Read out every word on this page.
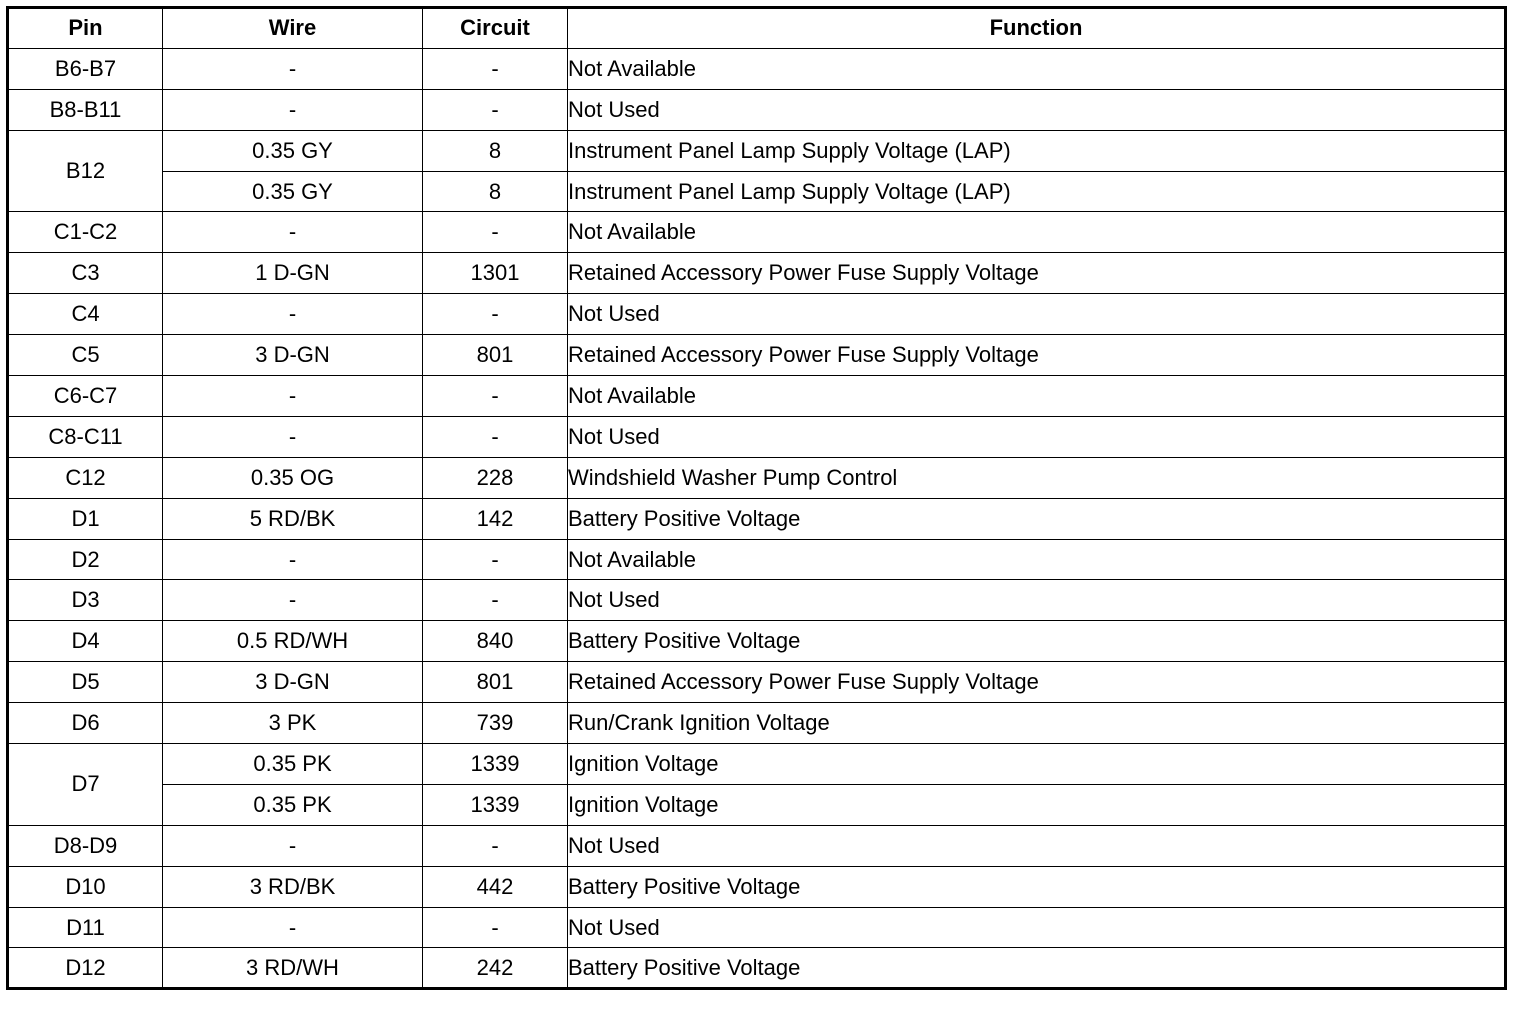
Pin	Wire	Circuit	Function
B6-B7	-	-	Not Available
B8-B11	-	-	Not Used
B12	0.35 GY	8	Instrument Panel Lamp Supply Voltage (LAP)
	0.35 GY	8	Instrument Panel Lamp Supply Voltage (LAP)
C1-C2	-	-	Not Available
C3	1 D-GN	1301	Retained Accessory Power Fuse Supply Voltage
C4	-	-	Not Used
C5	3 D-GN	801	Retained Accessory Power Fuse Supply Voltage
C6-C7	-	-	Not Available
C8-C11	-	-	Not Used
C12	0.35 OG	228	Windshield Washer Pump Control
D1	5 RD/BK	142	Battery Positive Voltage
D2	-	-	Not Available
D3	-	-	Not Used
D4	0.5 RD/WH	840	Battery Positive Voltage
D5	3 D-GN	801	Retained Accessory Power Fuse Supply Voltage
D6	3 PK	739	Run/Crank Ignition Voltage
D7	0.35 PK	1339	Ignition Voltage
	0.35 PK	1339	Ignition Voltage
D8-D9	-	-	Not Used
D10	3 RD/BK	442	Battery Positive Voltage
D11	-	-	Not Used
D12	3 RD/WH	242	Battery Positive Voltage
